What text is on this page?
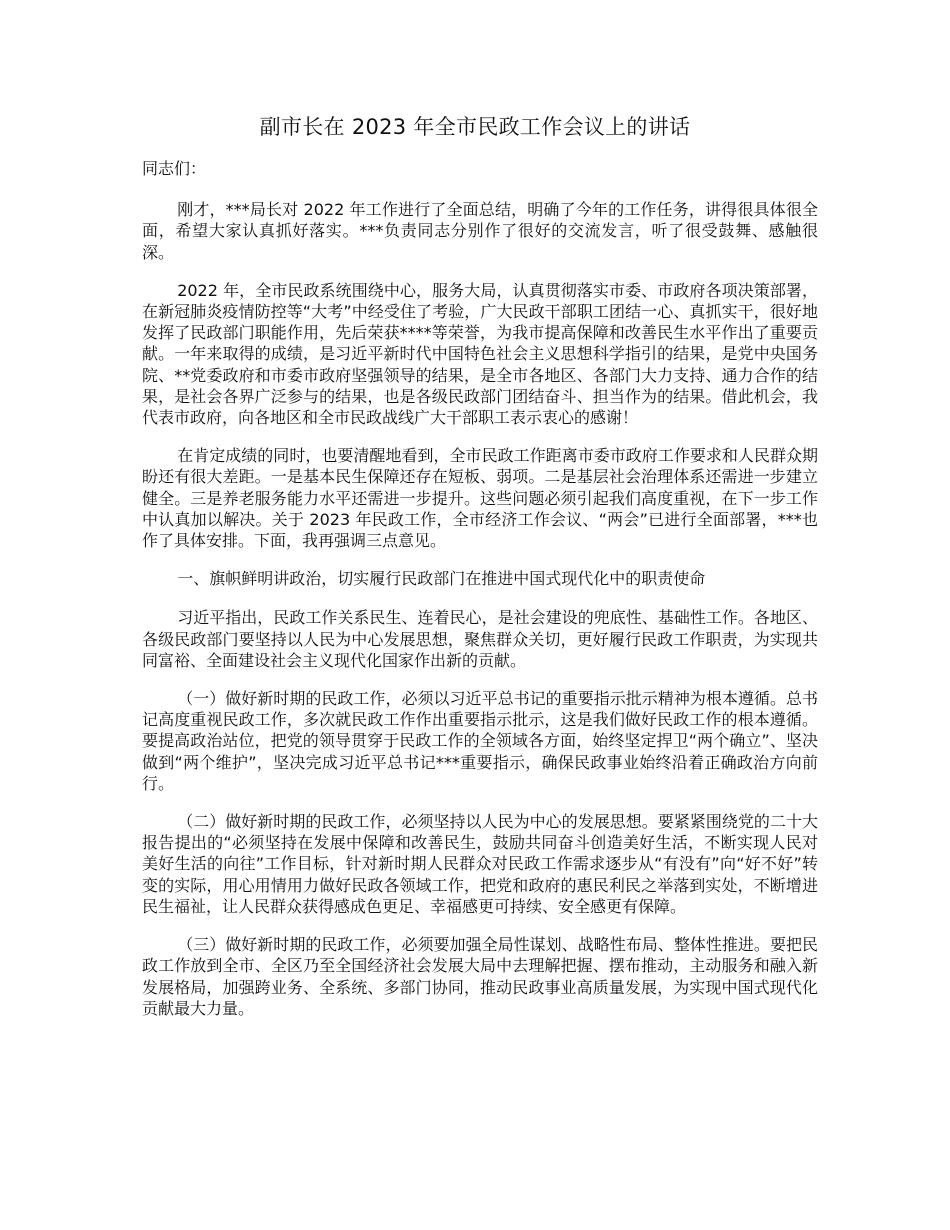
副市长在 2023 年全市民政工作会议上的讲话

同志们：

刚才，***局长对 2022 年工作进行了全面总结，明确了今年的工作任务，讲得很具体很全面，希望大家认真抓好落实。***负责同志分别作了很好的交流发言，听了很受鼓舞、感触很深。

2022 年，全市民政系统围绕中心，服务大局，认真贯彻落实市委、市政府各项决策部署，在新冠肺炎疫情防控等“大考”中经受住了考验，广大民政干部职工团结一心、真抓实干，很好地发挥了民政部门职能作用，先后荣获****等荣誉，为我市提高保障和改善民生水平作出了重要贡献。一年来取得的成绩，是习近平新时代中国特色社会主义思想科学指引的结果，是党中央国务院、**党委政府和市委市政府坚强领导的结果，是全市各地区、各部门大力支持、通力合作的结果，是社会各界广泛参与的结果，也是各级民政部门团结奋斗、担当作为的结果。借此机会，我代表市政府，向各地区和全市民政战线广大干部职工表示衷心的感谢！

在肯定成绩的同时，也要清醒地看到，全市民政工作距离市委市政府工作要求和人民群众期盼还有很大差距。一是基本民生保障还存在短板、弱项。二是基层社会治理体系还需进一步建立健全。三是养老服务能力水平还需进一步提升。这些问题必须引起我们高度重视，在下一步工作中认真加以解决。关于 2023 年民政工作，全市经济工作会议、“两会”已进行全面部署，***也作了具体安排。下面，我再强调三点意见。

一、旗帜鲜明讲政治，切实履行民政部门在推进中国式现代化中的职责使命

习近平指出，民政工作关系民生、连着民心，是社会建设的兜底性、基础性工作。各地区、各级民政部门要坚持以人民为中心发展思想，聚焦群众关切，更好履行民政工作职责，为实现共同富裕、全面建设社会主义现代化国家作出新的贡献。

（一）做好新时期的民政工作，必须以习近平总书记的重要指示批示精神为根本遵循。总书记高度重视民政工作，多次就民政工作作出重要指示批示，这是我们做好民政工作的根本遵循。要提高政治站位，把党的领导贯穿于民政工作的全领域各方面，始终坚定捍卫“两个确立”、坚决做到“两个维护”，坚决完成习近平总书记***重要指示，确保民政事业始终沿着正确政治方向前行。

（二）做好新时期的民政工作，必须坚持以人民为中心的发展思想。要紧紧围绕党的二十大报告提出的“必须坚持在发展中保障和改善民生，鼓励共同奋斗创造美好生活，不断实现人民对美好生活的向往”工作目标，针对新时期人民群众对民政工作需求逐步从“有没有”向“好不好”转变的实际，用心用情用力做好民政各领域工作，把党和政府的惠民利民之举落到实处，不断增进民生福祉，让人民群众获得感成色更足、幸福感更可持续、安全感更有保障。

（三）做好新时期的民政工作，必须要加强全局性谋划、战略性布局、整体性推进。要把民政工作放到全市、全区乃至全国经济社会发展大局中去理解把握、摆布推动，主动服务和融入新发展格局，加强跨业务、全系统、多部门协同，推动民政事业高质量发展，为实现中国式现代化贡献最大力量。
